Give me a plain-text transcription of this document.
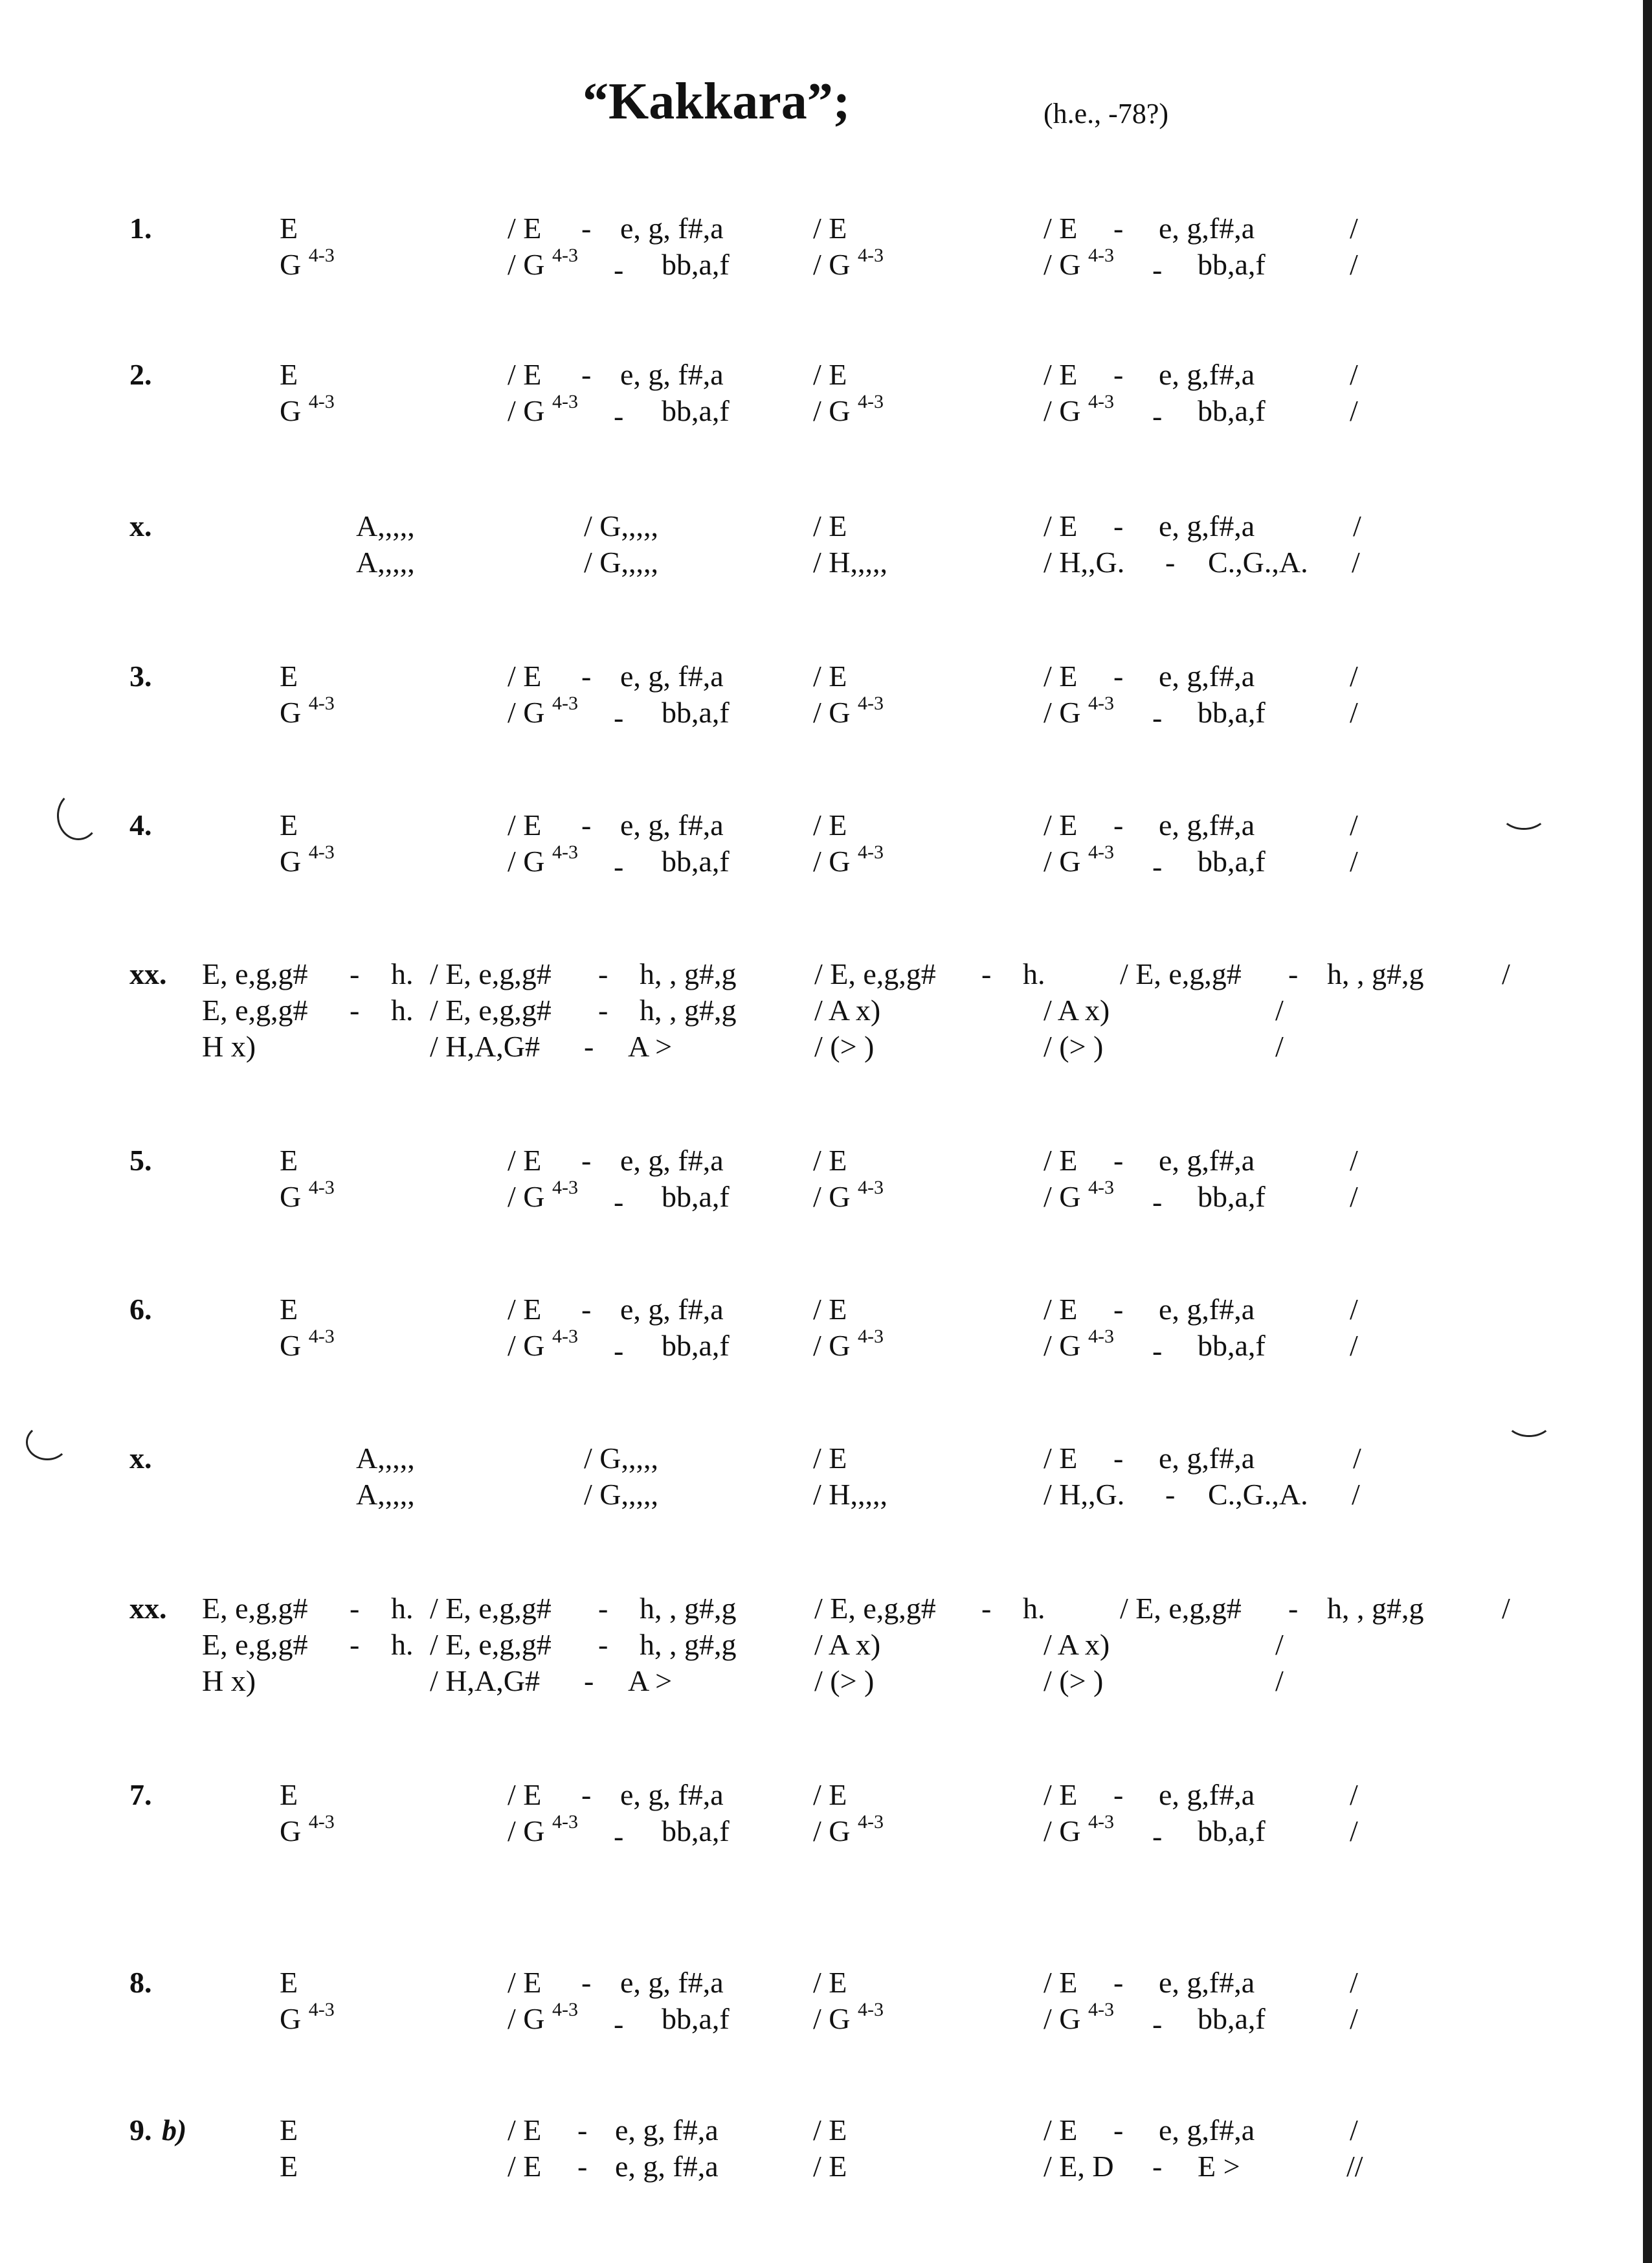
“Kakkara”;	(h.e., -78?)
1.	E	/ E - e, g, f#,a	/ E	/ E - e, g,f#,a	/
G $^{4-3}$	/ G $^{4-3}$ - bb,a,f	/ G $^{4-3}$	/ G $^{4-3}$ - bb,a,f	/
2.	E	/ E - e, g, f#,a	/ E	/ E - e, g,f#,a	/
G $^{4-3}$	/ G $^{4-3}$ - bb,a,f	/ G $^{4-3}$	/ G $^{4-3}$ - bb,a,f	/
x.	A,,,,,	/ G,,,,,	/ E	/ E - e, g,f#,a	/
A,,,,,	/ G,,,,,	/ H,,,,,	/ H,,G. - C.,G.,A. /
3.	E	/ E - e, g, f#,a	/ E	/ E - e, g,f#,a	/
G $^{4-3}$	/ G $^{4-3}$ - bb,a,f	/ G $^{4-3}$	/ G $^{4-3}$ - bb,a,f	/
4.	E	/ E - e, g, f#,a	/ E	/ E - e, g,f#,a	/
G $^{4-3}$	/ G $^{4-3}$ - bb,a,f	/ G $^{4-3}$	/ G $^{4-3}$ - bb,a,f	/
xx. E, e,g,g# - h. / E, e,g,g# - h, , g#,g	/ E, e,g,g# - h.	/ E, e,g,g# - h, , g#,g	/
E, e,g,g# - h. / E, e,g,g# - h, , g#,g	/ A x)	/ A x)	/
H x)	/ H,A,G# - A >	/ (> )	/ (> )	/
5.	E	/ E - e, g, f#,a	/ E	/ E - e, g,f#,a	/
G $^{4-3}$	/ G $^{4-3}$ - bb,a,f	/ G $^{4-3}$	/ G $^{4-3}$ - bb,a,f	/
6.	E	/ E - e, g, f#,a	/ E	/ E - e, g,f#,a	/
G $^{4-3}$	/ G $^{4-3}$ - bb,a,f	/ G $^{4-3}$	/ G $^{4-3}$ - bb,a,f	/
x.	A,,,,,	/ G,,,,,	/ E	/ E - e, g,f#,a	/
A,,,,,	/ G,,,,,	/ H,,,,,	/ H,,G. - C.,G.,A. /
xx. E, e,g,g# - h. / E, e,g,g# - h, , g#,g	/ E, e,g,g# - h.	/ E, e,g,g# - h, , g#,g	/
E, e,g,g# - h. / E, e,g,g# - h, , g#,g	/ A x)	/ A x)	/
H x)	/ H,A,G# - A >	/ (> )	/ (> )	/
7.	E	/ E - e, g, f#,a	/ E	/ E - e, g,f#,a	/
G $^{4-3}$	/ G $^{4-3}$ - bb,a,f	/ G $^{4-3}$	/ G $^{4-3}$ - bb,a,f	/
8.	E	/ E - e, g, f#,a	/ E	/ E - e, g,f#,a	/
G $^{4-3}$	/ G $^{4-3}$ - bb,a,f	/ G $^{4-3}$	/ G $^{4-3}$ - bb,a,f	/
9. b)	E	/ E - e, g, f#,a	/ E	/ E - e, g,f#,a	/
E	/ E - e, g, f#,a	/ E	/ E, D - E >	//
